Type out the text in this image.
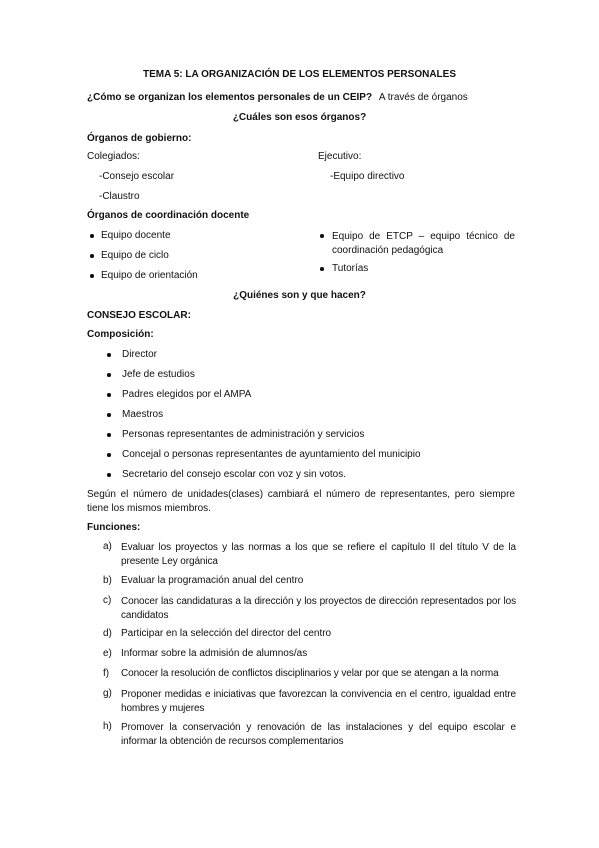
TEMA 5: LA ORGANIZACIÓN DE LOS ELEMENTOS PERSONALES
¿Cómo se organizan los elementos personales de un CEIP? A través de órganos
¿Cuáles son esos órganos?
Órganos de gobierno:
Colegiados:
-Consejo escolar
-Claustro
Ejecutivo:
-Equipo directivo
Órganos de coordinación docente
Equipo docente
Equipo de ciclo
Equipo de orientación
Equipo de ETCP – equipo técnico de coordinación pedagógica
Tutorías
¿Quiénes son y que hacen?
CONSEJO ESCOLAR:
Composición:
Director
Jefe de estudios
Padres elegidos por el AMPA
Maestros
Personas representantes de administración y servicios
Concejal o personas representantes de ayuntamiento del municipio
Secretario del consejo escolar con voz y sin votos.
Según el número de unidades(clases) cambiará el número de representantes, pero siempre tiene los mismos miembros.
Funciones:
a) Evaluar los proyectos y las normas a los que se refiere el capítulo II del título V de la presente Ley orgánica
b) Evaluar la programación anual del centro
c) Conocer las candidaturas a la dirección y los proyectos de dirección representados por los candidatos
d) Participar en la selección del director del centro
e) Informar sobre la admisión de alumnos/as
f) Conocer la resolución de conflictos disciplinarios y velar por que se atengan a la norma
g) Proponer medidas e iniciativas que favorezcan la convivencia en el centro, igualdad entre hombres y mujeres
h) Promover la conservación y renovación de las instalaciones y del equipo escolar e informar la obtención de recursos complementarios
